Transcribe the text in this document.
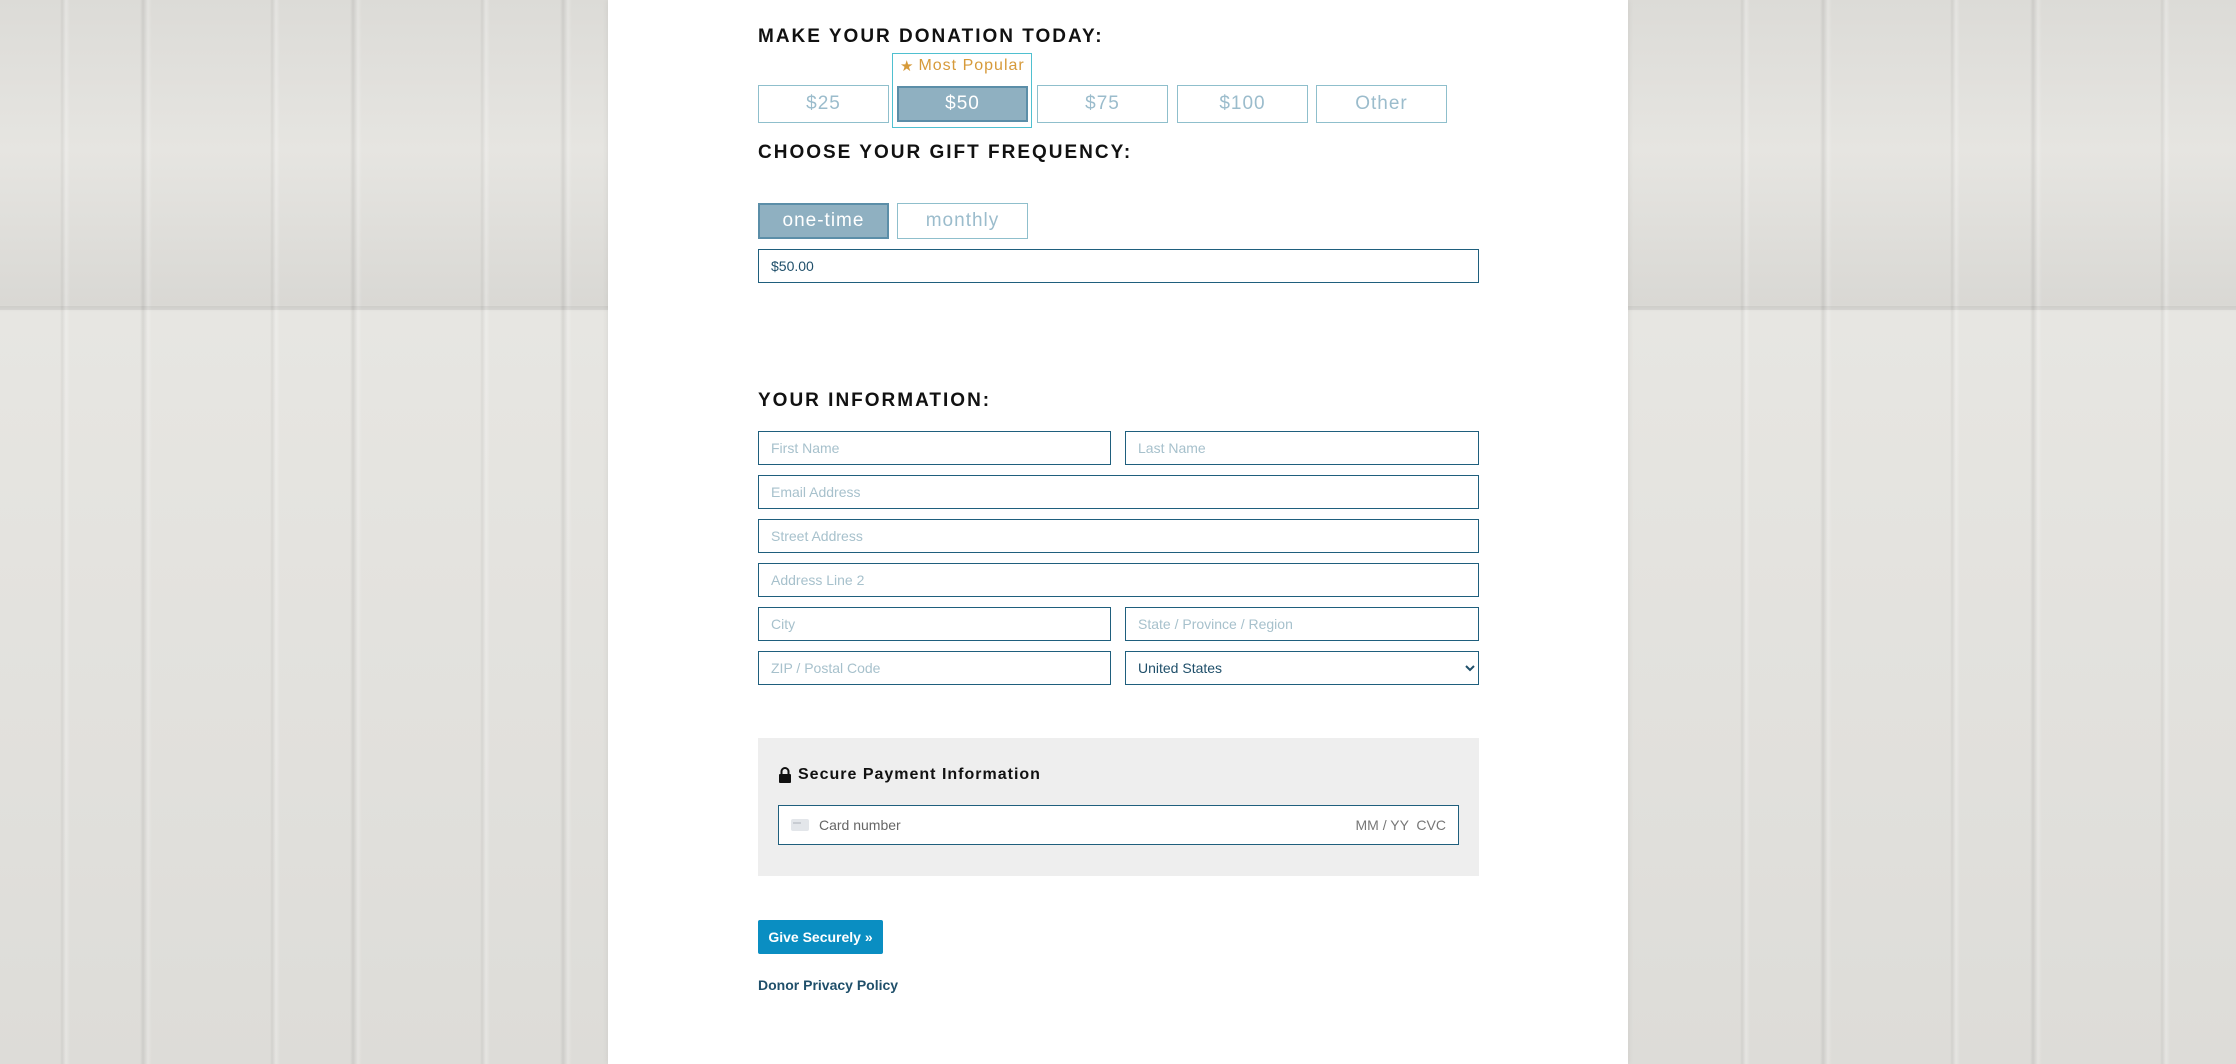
MAKE YOUR DONATION TODAY:
★ Most Popular
$25	$50	$75	$100	Other
CHOOSE YOUR GIFT FREQUENCY:
one-time	monthly
$50.00
YOUR INFORMATION:
First Name
Last Name
Email Address
Street Address
Address Line 2
City
State / Province / Region
ZIP / Postal Code
United States
Secure Payment Information
Card number	MM / YY  CVC
Give Securely »
Donor Privacy Policy
